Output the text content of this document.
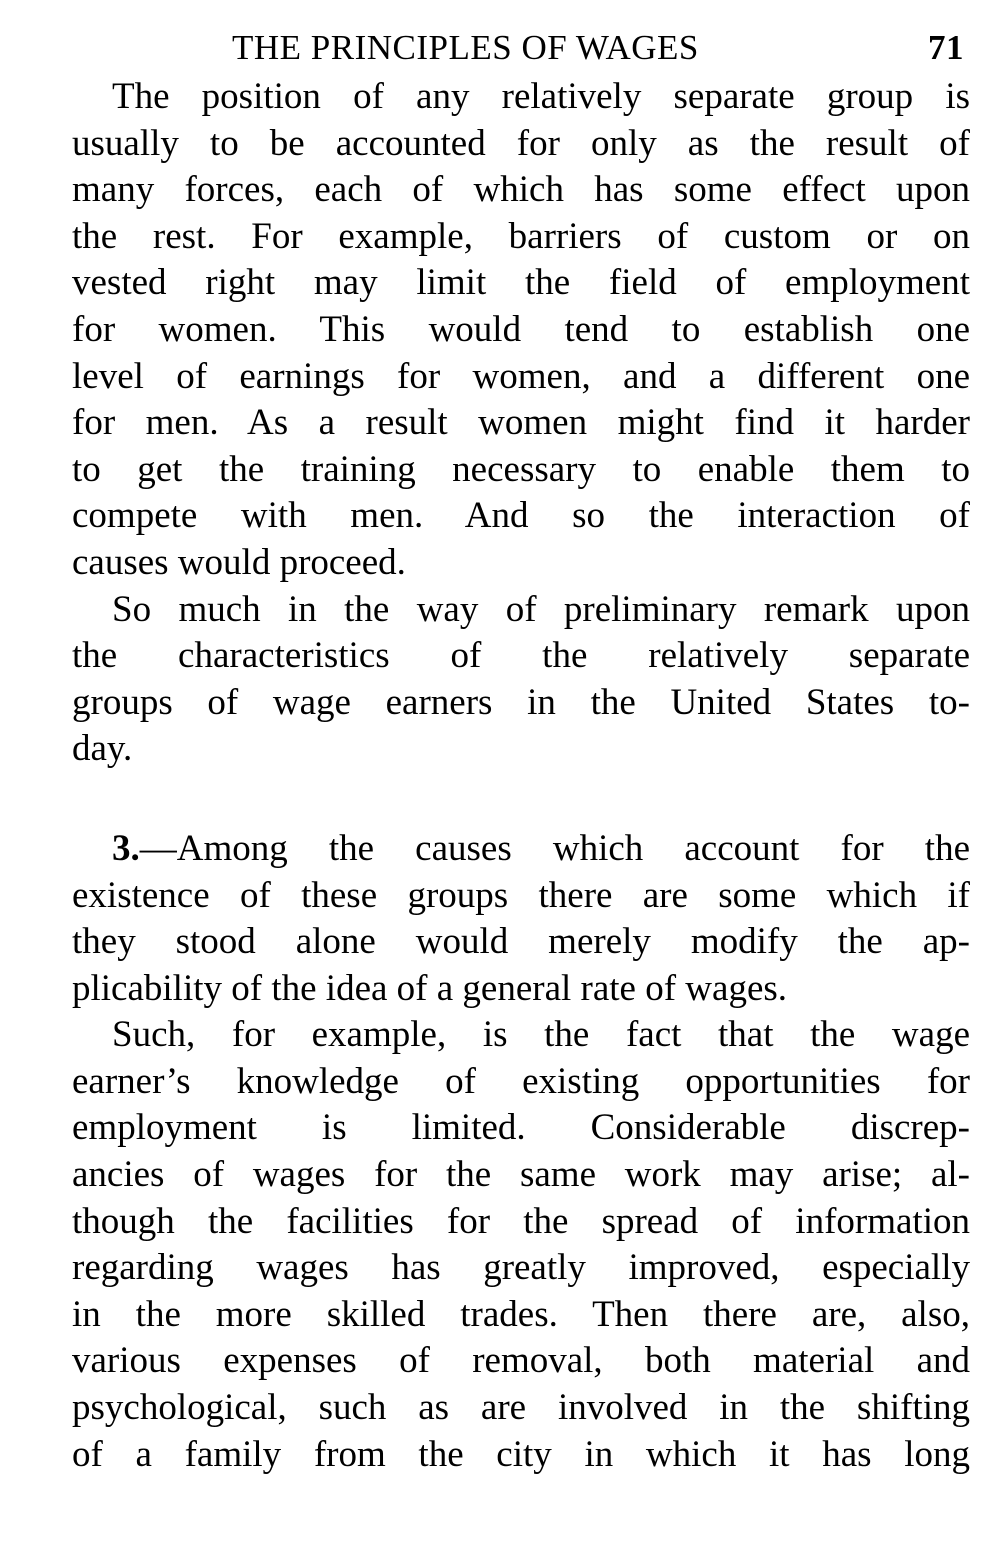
THE PRINCIPLES OF WAGES	71

The position of any relatively separate group is
usually to be accounted for only as the result of
many forces, each of which has some effect upon
the rest. For example, barriers of custom or on
vested right may limit the field of employment
for women. This would tend to establish one
level of earnings for women, and a different one
for men. As a result women might find it harder
to get the training necessary to enable them to
compete with men. And so the interaction of
causes would proceed.

So much in the way of preliminary remark upon
the characteristics of the relatively separate
groups of wage earners in the United States to-
day.

3.—Among the causes which account for the
existence of these groups there are some which if
they stood alone would merely modify the ap-
plicability of the idea of a general rate of wages.

Such, for example, is the fact that the wage
earner’s knowledge of existing opportunities for
employment is limited. Considerable discrep-
ancies of wages for the same work may arise; al-
though the facilities for the spread of information
regarding wages has greatly improved, especially
in the more skilled trades. Then there are, also,
various expenses of removal, both material and
psychological, such as are involved in the shifting
of a family from the city in which it has long
